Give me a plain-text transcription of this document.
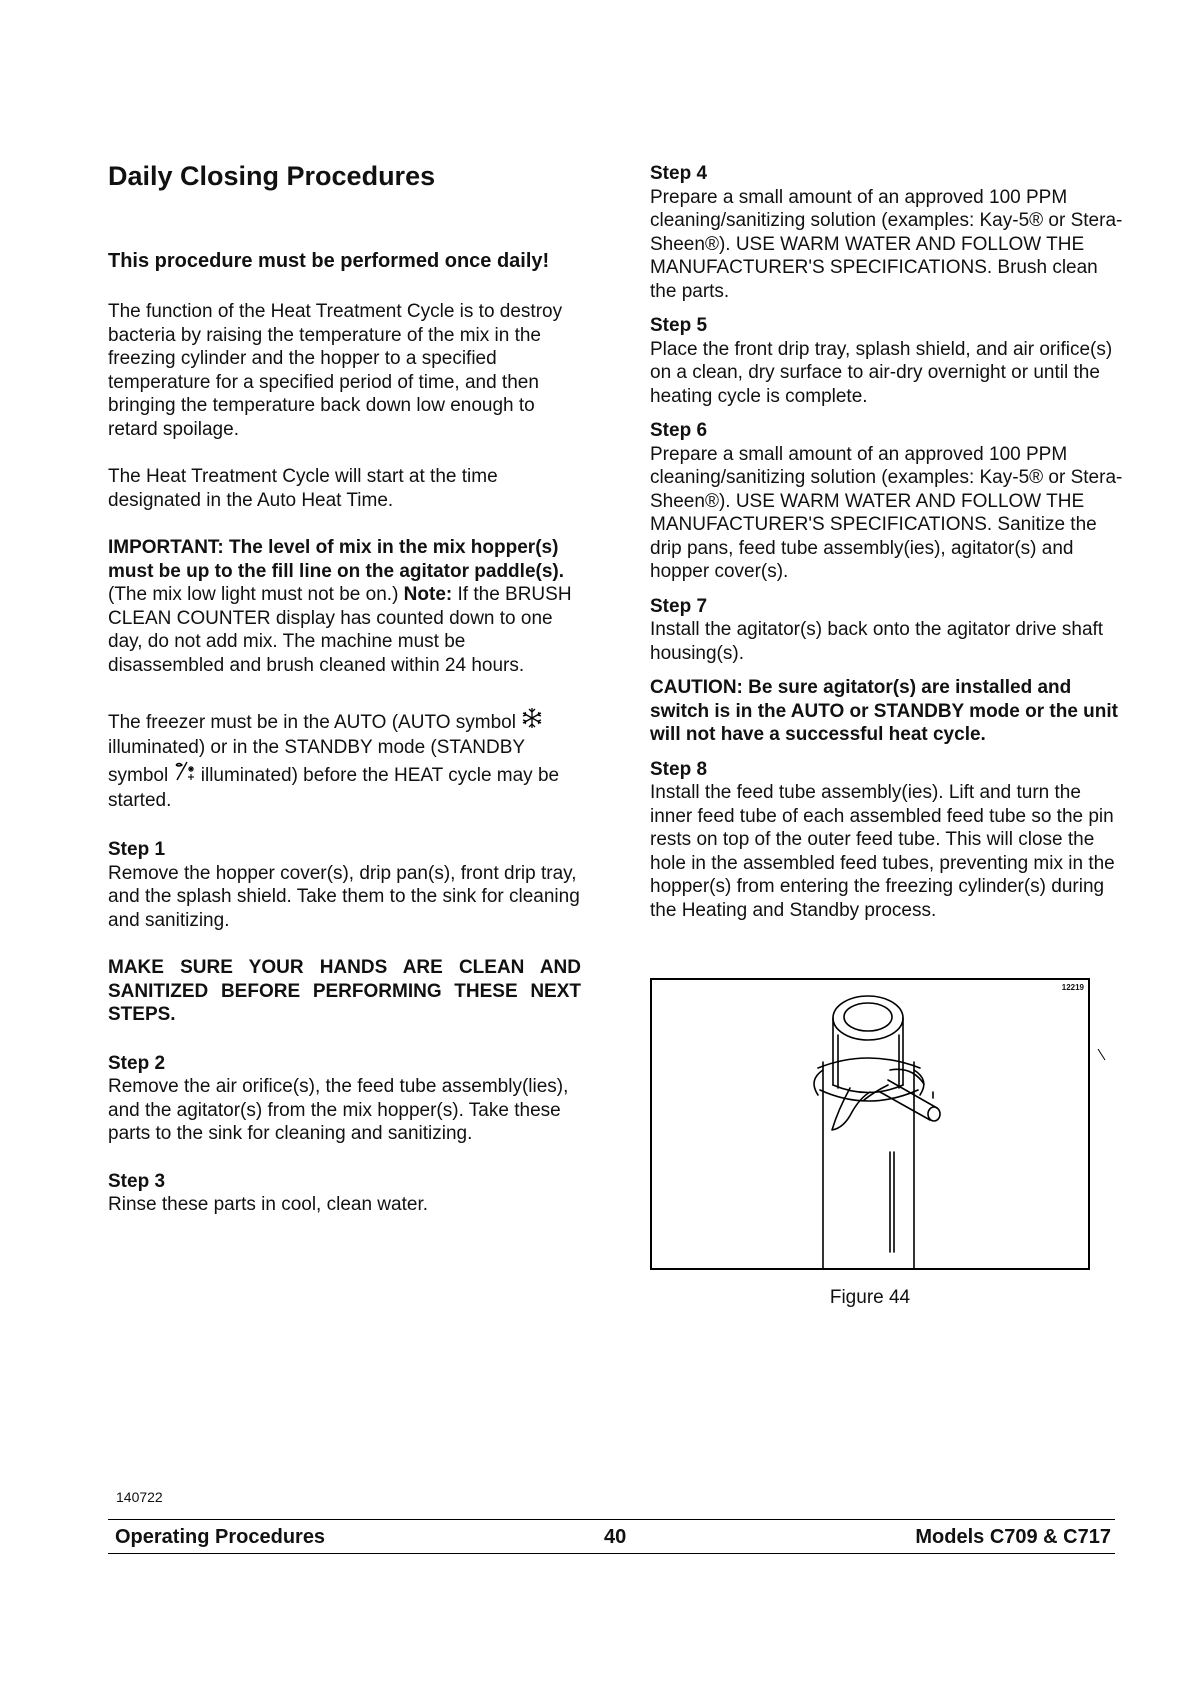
Daily Closing Procedures
This procedure must be performed once daily!

The function of the Heat Treatment Cycle is to destroy bacteria by raising the temperature of the mix in the freezing cylinder and the hopper to a specified temperature for a specified period of time, and then bringing the temperature back down low enough to retard spoilage.

The Heat Treatment Cycle will start at the time designated in the Auto Heat Time.

IMPORTANT: The level of mix in the mix hopper(s) must be up to the fill line on the agitator paddle(s). (The mix low light must not be on.) Note: If the BRUSH CLEAN COUNTER display has counted down to one day, do not add mix. The machine must be disassembled and brush cleaned within 24 hours.

The freezer must be in the AUTO (AUTO symbol  illuminated) or in the STANDBY mode (STANDBY symbol  illuminated) before the HEAT cycle may be started.

Step 1

Remove the hopper cover(s), drip pan(s), front drip tray, and the splash shield. Take them to the sink for cleaning and sanitizing.

MAKE SURE YOUR HANDS ARE CLEAN AND SANITIZED BEFORE PERFORMING THESE NEXT STEPS.

Step 2

Remove the air orifice(s), the feed tube assembly(lies), and the agitator(s) from the mix hopper(s). Take these parts to the sink for cleaning and sanitizing.

Step 3

Rinse these parts in cool, clean water.

Step 4

Prepare a small amount of an approved 100 PPM cleaning/sanitizing solution (examples: Kay-5® or Stera-Sheen®). USE WARM WATER AND FOLLOW THE MANUFACTURER'S SPECIFICATIONS. Brush clean the parts.

Step 5

Place the front drip tray, splash shield, and air orifice(s) on a clean, dry surface to air-dry overnight or until the heating cycle is complete.

Step 6

Prepare a small amount of an approved 100 PPM cleaning/sanitizing solution (examples: Kay-5® or Stera-Sheen®). USE WARM WATER AND FOLLOW THE MANUFACTURER'S SPECIFICATIONS. Sanitize the drip pans, feed tube assembly(ies), agitator(s) and hopper cover(s).

Step 7

Install the agitator(s) back onto the agitator drive shaft housing(s).

CAUTION: Be sure agitator(s) are installed and switch is in the AUTO or STANDBY mode or the unit will not have a successful heat cycle.

Step 8

Install the feed tube assembly(ies). Lift and turn the inner feed tube of each assembled feed tube so the pin rests on top of the outer feed tube. This will close the hole in the assembled feed tubes, preventing mix in the hopper(s) from entering the freezing cylinder(s) during the Heating and Standby process.

12219
Figure 44
140722
Operating Procedures	40	Models C709 & C717
